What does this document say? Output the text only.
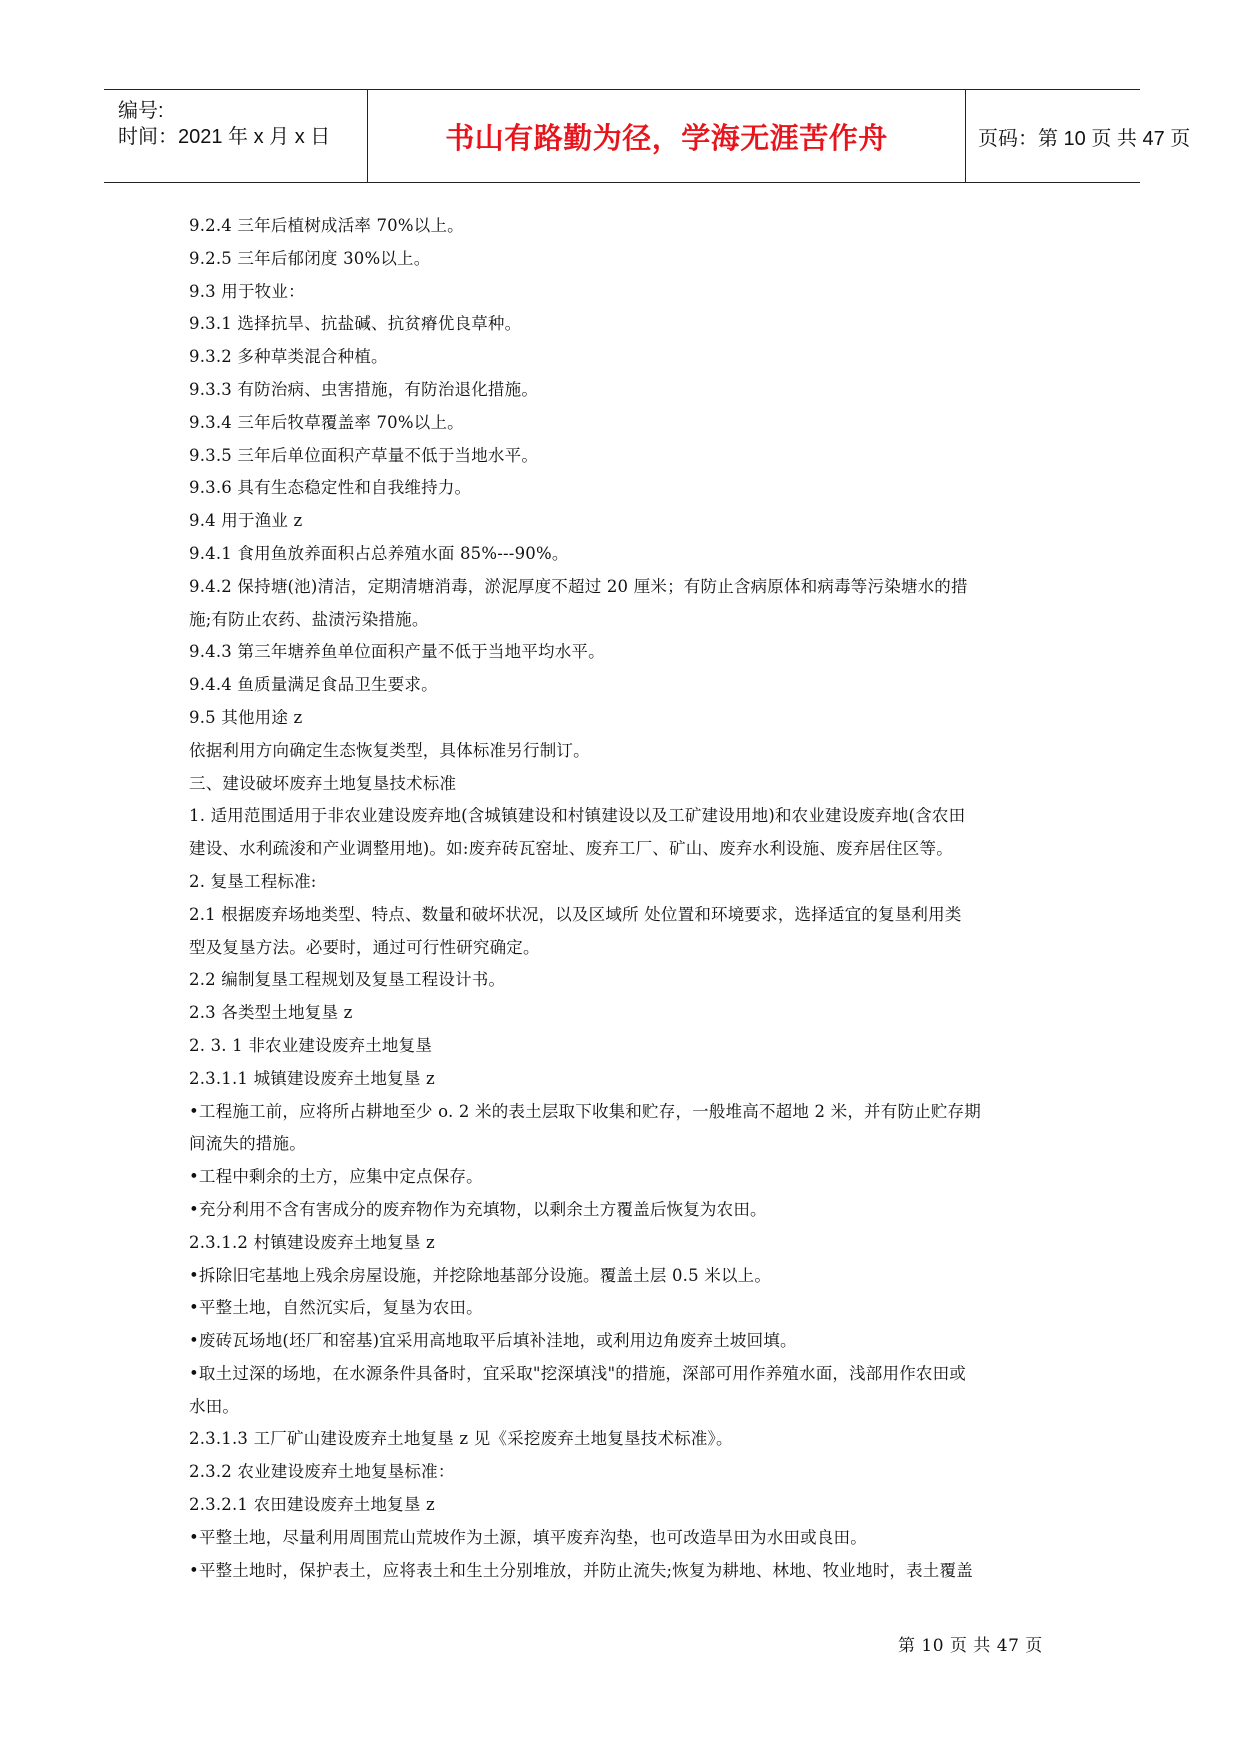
编号:
时间：2021 年 x 月 x 日	书山有路勤为径，学海无涯苦作舟	页码：第 10 页 共 47 页
9.2.4 三年后植树成活率 70%以上。
9.2.5 三年后郁闭度 30%以上。
9.3 用于牧业：
9.3.1 选择抗旱、抗盐碱、抗贫瘠优良草种。
9.3.2 多种草类混合种植。
9.3.3 有防治病、虫害措施，有防治退化措施。
9.3.4 三年后牧草覆盖率 70%以上。
9.3.5 三年后单位面积产草量不低于当地水平。
9.3.6 具有生态稳定性和自我维持力。
9.4 用于渔业 z
9.4.1 食用鱼放养面积占总养殖水面 85%---90%。
9.4.2 保持塘(池)清洁，定期清塘消毒，淤泥厚度不超过 20 厘米；有防止含病原体和病毒等污染塘水的措
施;有防止农药、盐渍污染措施。
9.4.3 第三年塘养鱼单位面积产量不低于当地平均水平。
9.4.4 鱼质量满足食品卫生要求。
9.5 其他用途 z
依据利用方向确定生态恢复类型，具体标准另行制订。
三、建设破坏废弃土地复垦技术标准
1. 适用范围适用于非农业建设废弃地(含城镇建设和村镇建设以及工矿建设用地)和农业建设废弃地(含农田
建设、水利疏浚和产业调整用地)。如:废弃砖瓦窑址、废弃工厂、矿山、废弃水利设施、废弃居住区等。
2. 复垦工程标准:
2.1 根据废弃场地类型、特点、数量和破坏状况，以及区域所 处位置和环境要求，选择适宜的复垦利用类
型及复垦方法。必要时，通过可行性研究确定。
2.2 编制复垦工程规划及复垦工程设计书。
2.3 各类型土地复垦 z
2. 3. 1 非农业建设废弃土地复垦
2.3.1.1 城镇建设废弃土地复垦 z
•工程施工前，应将所占耕地至少 o. 2 米的表土层取下收集和贮存，一般堆高不超地 2 米，并有防止贮存期
间流失的措施。
•工程中剩余的土方，应集中定点保存。
•充分利用不含有害成分的废弃物作为充填物，以剩余土方覆盖后恢复为农田。
2.3.1.2 村镇建设废弃土地复垦 z
•拆除旧宅基地上残余房屋设施，并挖除地基部分设施。覆盖土层 0.5 米以上。
•平整土地，自然沉实后，复垦为农田。
•废砖瓦场地(坯厂和窑基)宜采用高地取平后填补洼地，或利用边角废弃土坡回填。
•取土过深的场地，在水源条件具备时，宜采取"挖深填浅"的措施，深部可用作养殖水面，浅部用作农田或
水田。
2.3.1.3 工厂矿山建设废弃土地复垦 z 见《采挖废弃土地复垦技术标准》。
2.3.2 农业建设废弃土地复垦标准：
2.3.2.1 农田建设废弃土地复垦 z
•平整土地，尽量利用周围荒山荒坡作为土源，填平废弃沟垫，也可改造旱田为水田或良田。
•平整土地时，保护表土，应将表土和生土分别堆放，并防止流失;恢复为耕地、林地、牧业地时，表土覆盖
第 10 页 共 47 页
